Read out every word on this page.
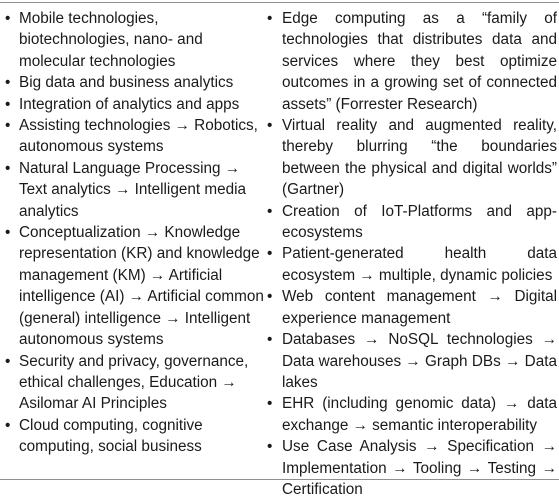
• Mobile technologies, biotechnologies, nano- and molecular technologies
• Big data and business analytics
• Integration of analytics and apps
• Assisting technologies → Robotics, autonomous systems
• Natural Language Processing → Text analytics → Intelligent media analytics
• Conceptualization → Knowledge representation (KR) and knowledge management (KM) → Artificial intelligence (AI) → Artificial common (general) intelligence → Intelligent autonomous systems
• Security and privacy, governance, ethical challenges, Education → Asilomar AI Principles
• Cloud computing, cognitive computing, social business
• Edge computing as a “family of technologies that distributes data and services where they best optimize outcomes in a growing set of connected assets” (Forrester Research)
• Virtual reality and augmented reality, thereby blurring “the boundaries between the physical and digital worlds” (Gartner)
• Creation of IoT-Platforms and app-ecosystems
• Patient-generated health data ecosystem → multiple, dynamic policies
• Web content management → Digital experience management
• Databases → NoSQL technologies → Data warehouses → Graph DBs → Data lakes
• EHR (including genomic data) → data exchange → semantic interoperability
• Use Case Analysis → Specification → Implementation → Tooling → Testing → Certification
